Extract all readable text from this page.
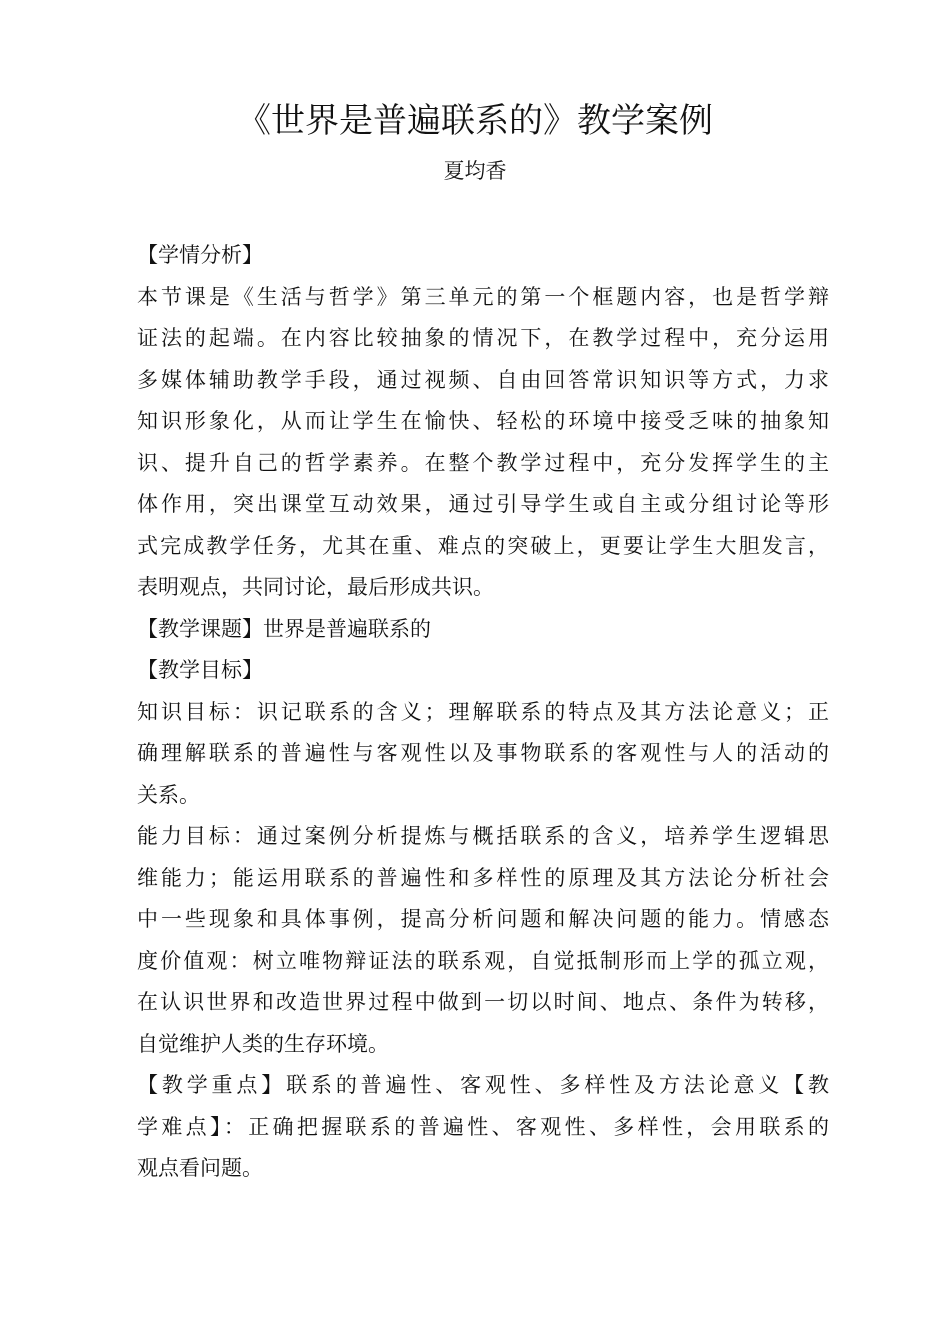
《世界是普遍联系的》教学案例
夏均香
【学情分析】
本节课是《生活与哲学》第三单元的第一个框题内容，也是哲学辩
证法的起端。在内容比较抽象的情况下，在教学过程中，充分运用
多媒体辅助教学手段，通过视频、自由回答常识知识等方式，力求
知识形象化，从而让学生在愉快、轻松的环境中接受乏味的抽象知
识、提升自己的哲学素养。在整个教学过程中，充分发挥学生的主
体作用，突出课堂互动效果，通过引导学生或自主或分组讨论等形
式完成教学任务，尤其在重、难点的突破上，更要让学生大胆发言，
表明观点，共同讨论，最后形成共识。
【教学课题】世界是普遍联系的
【教学目标】
知识目标：识记联系的含义；理解联系的特点及其方法论意义；正
确理解联系的普遍性与客观性以及事物联系的客观性与人的活动的
关系。
能力目标：通过案例分析提炼与概括联系的含义，培养学生逻辑思
维能力；能运用联系的普遍性和多样性的原理及其方法论分析社会
中一些现象和具体事例，提高分析问题和解决问题的能力。情感态
度价值观：树立唯物辩证法的联系观，自觉抵制形而上学的孤立观，
在认识世界和改造世界过程中做到一切以时间、地点、条件为转移，
自觉维护人类的生存环境。
【教学重点】联系的普遍性、客观性、多样性及方法论意义【教
学难点】：正确把握联系的普遍性、客观性、多样性，会用联系的
观点看问题。
